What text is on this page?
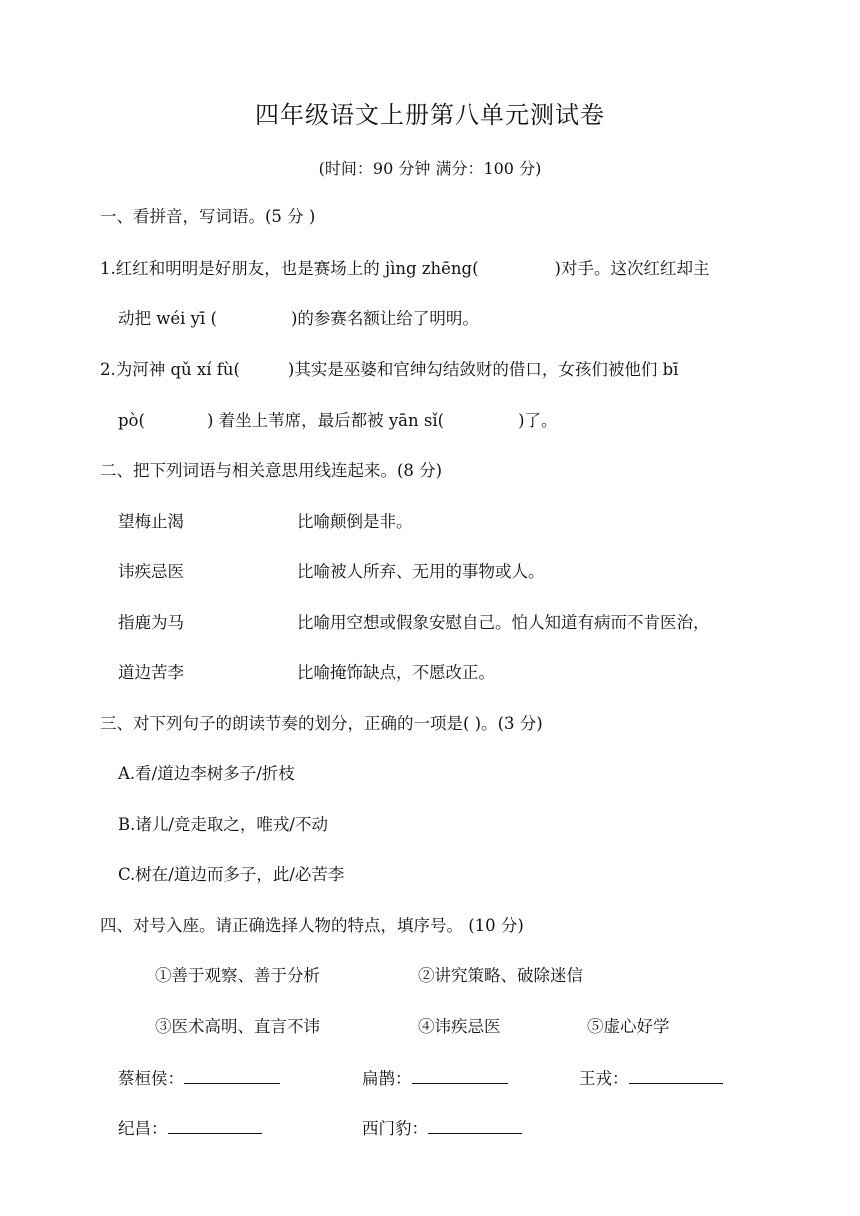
四年级语文上册第八单元测试卷
(时间：90 分钟 满分：100 分)
一、看拼音，写词语。(5 分 )
1.红红和明明是好朋友，也是赛场上的 jìng zhēng(	)对手。这次红红却主
动把 wéi yī (	)的参赛名额让给了明明。
2.为河神 qǔ xí fù(	)其实是巫婆和官绅勾结敛财的借口，女孩们被他们 bī
pò(	) 着坐上苇席，最后都被 yān sǐ(	)了。
二、把下列词语与相关意思用线连起来。(8 分)
望梅止渴	比喻颠倒是非。
讳疾忌医	比喻被人所弃、无用的事物或人。
指鹿为马	比喻用空想或假象安慰自己。怕人知道有病而不肯医治，
道边苦李	比喻掩饰缺点，不愿改正。
三、对下列句子的朗读节奏的划分，正确的一项是( )。(3 分)
A.看/道边李树多子/折枝
B.诸儿/竞走取之，唯戎/不动
C.树在/道边而多子，此/必苦李
四、对号入座。请正确选择人物的特点，填序号。 (10 分)
①善于观察、善于分析	②讲究策略、破除迷信
③医术高明、直言不讳	④讳疾忌医	⑤虚心好学
蔡桓侯：	扁鹊：	王戎：
纪昌：	西门豹：
